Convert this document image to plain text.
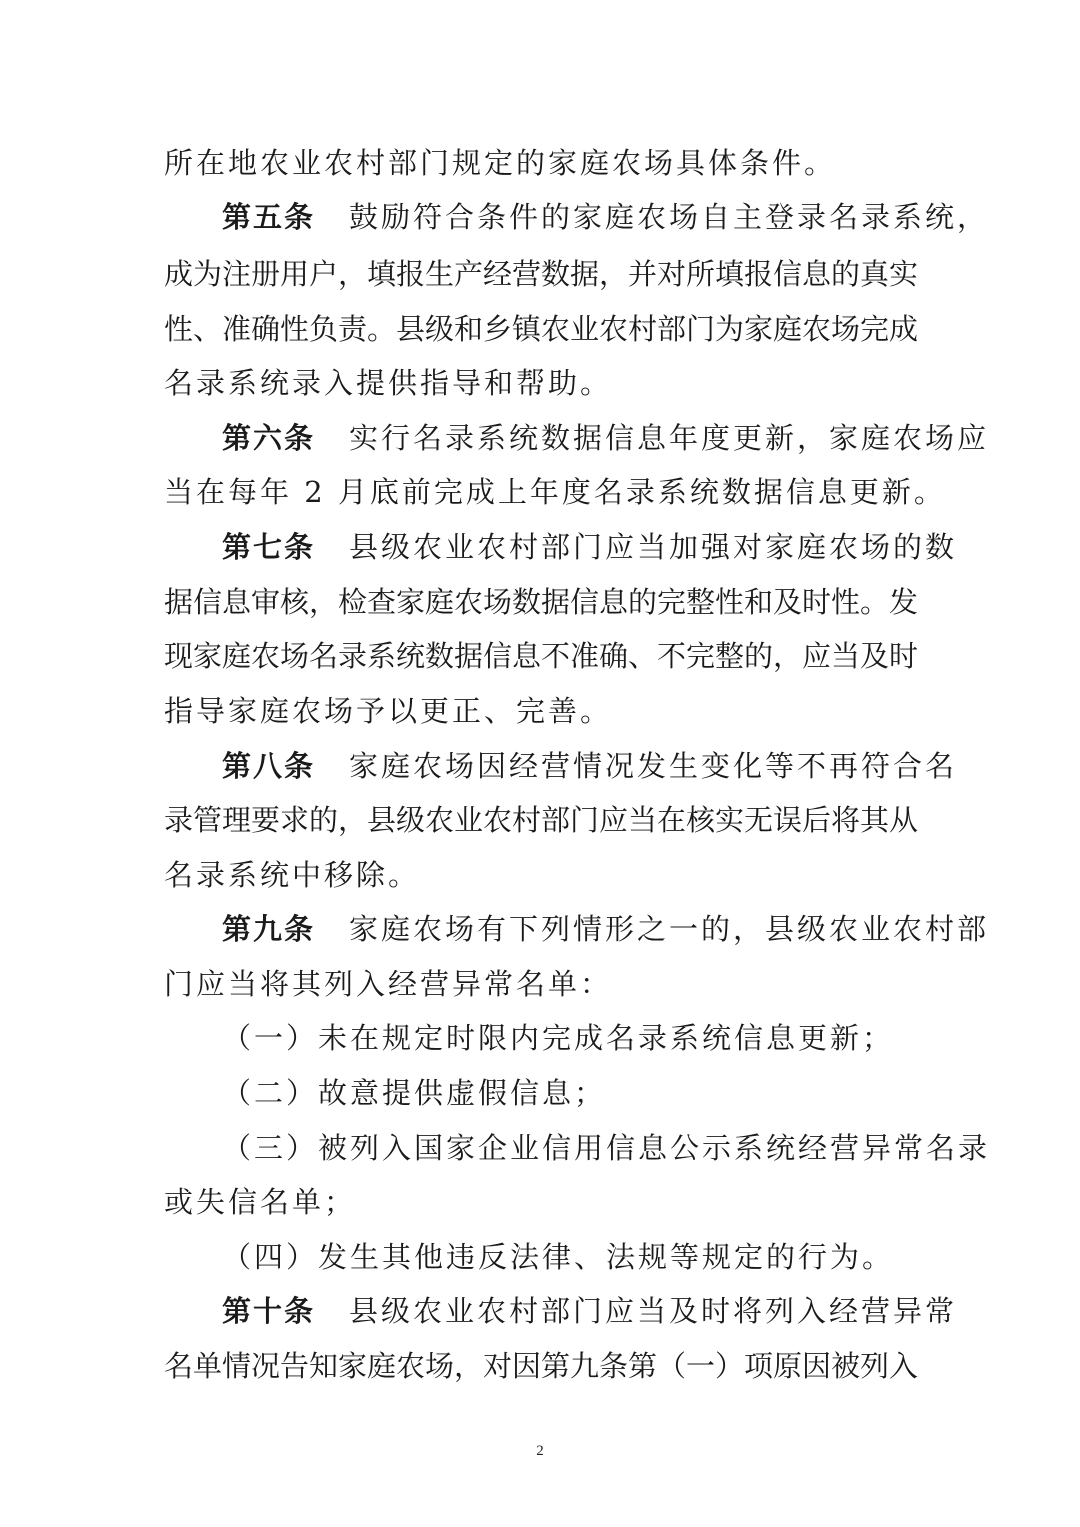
所在地农业农村部门规定的家庭农场具体条件。
第五条 鼓励符合条件的家庭农场自主登录名录系统，
成为注册用户，填报生产经营数据，并对所填报信息的真实
性、准确性负责。县级和乡镇农业农村部门为家庭农场完成
名录系统录入提供指导和帮助。
第六条 实行名录系统数据信息年度更新，家庭农场应
当在每年 2 月底前完成上年度名录系统数据信息更新。
第七条 县级农业农村部门应当加强对家庭农场的数
据信息审核，检查家庭农场数据信息的完整性和及时性。发
现家庭农场名录系统数据信息不准确、不完整的，应当及时
指导家庭农场予以更正、完善。
第八条 家庭农场因经营情况发生变化等不再符合名
录管理要求的，县级农业农村部门应当在核实无误后将其从
名录系统中移除。
第九条 家庭农场有下列情形之一的，县级农业农村部
门应当将其列入经营异常名单：
（一）未在规定时限内完成名录系统信息更新；
（二）故意提供虚假信息；
（三）被列入国家企业信用信息公示系统经营异常名录
或失信名单；
（四）发生其他违反法律、法规等规定的行为。
第十条 县级农业农村部门应当及时将列入经营异常
名单情况告知家庭农场，对因第九条第（一）项原因被列入
2
